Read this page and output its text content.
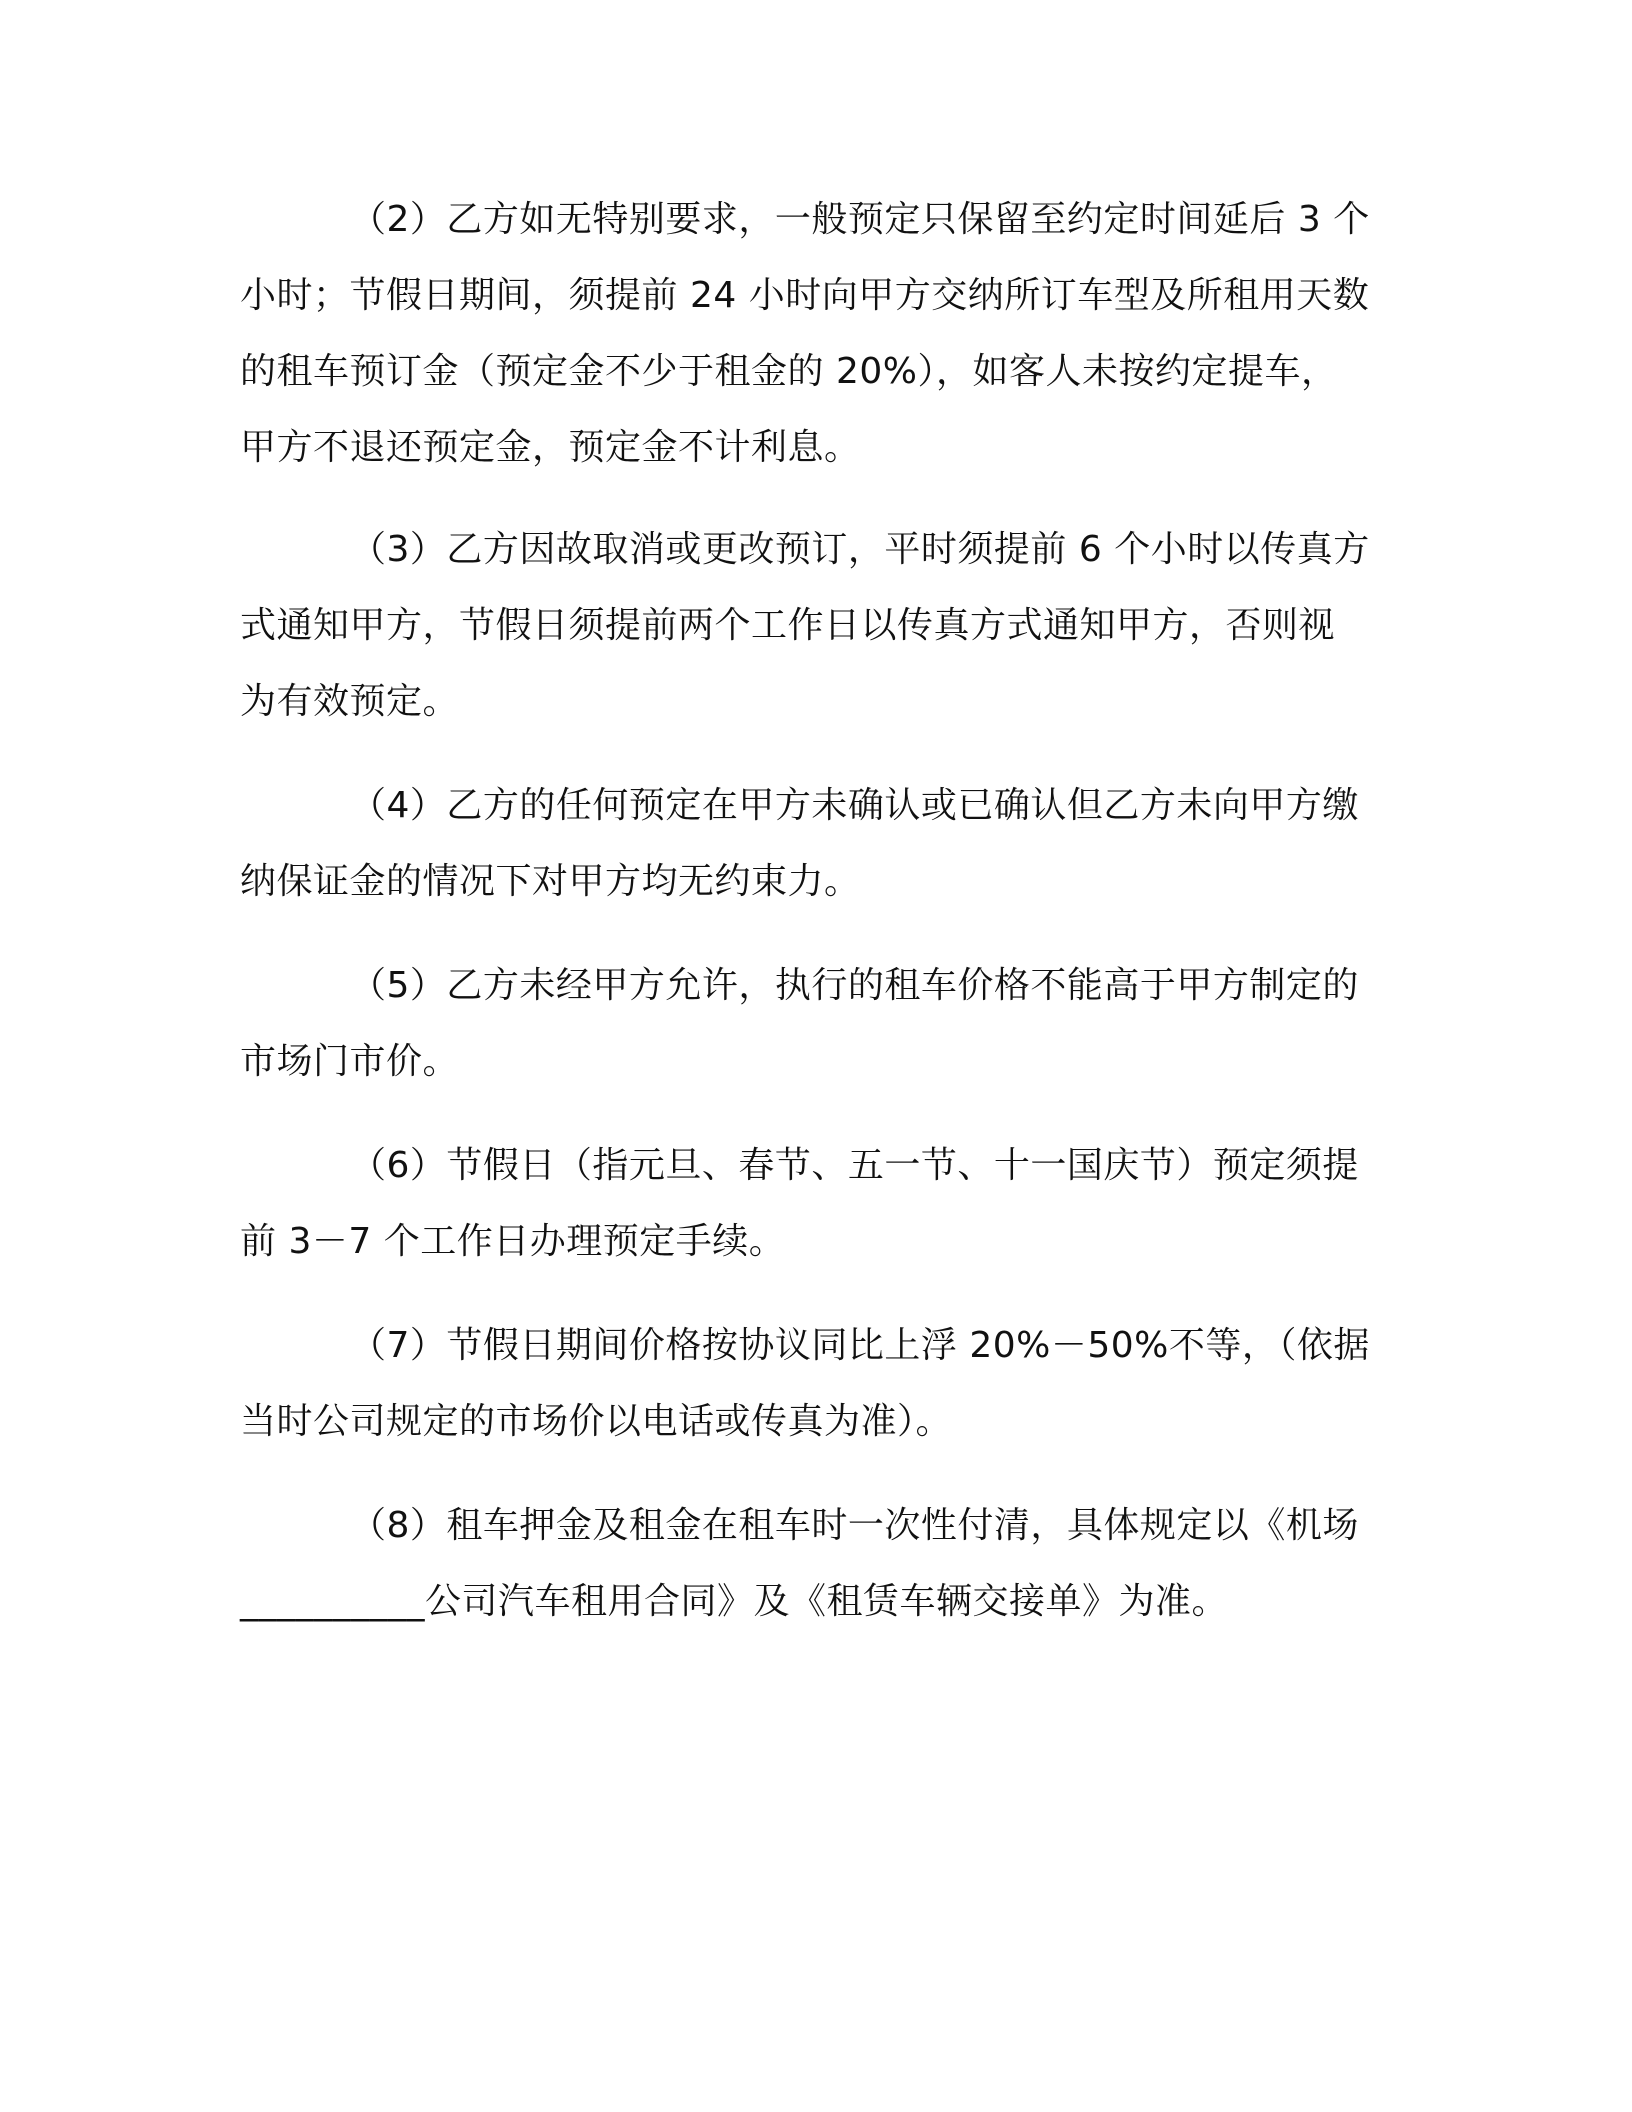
（2）乙方如无特别要求，一般预定只保留至约定时间延后 3 个
小时；节假日期间，须提前 24 小时向甲方交纳所订车型及所租用天数
的租车预订金（预定金不少于租金的 20%），如客人未按约定提车，
甲方不退还预定金，预定金不计利息。
（3）乙方因故取消或更改预订，平时须提前 6 个小时以传真方
式通知甲方，节假日须提前两个工作日以传真方式通知甲方，否则视
为有效预定。
（4）乙方的任何预定在甲方未确认或已确认但乙方未向甲方缴
纳保证金的情况下对甲方均无约束力。
（5）乙方未经甲方允许，执行的租车价格不能高于甲方制定的
市场门市价。
（6）节假日（指元旦、春节、五一节、十一国庆节）预定须提
前 3－7 个工作日办理预定手续。
（7）节假日期间价格按协议同比上浮 20%－50%不等，（依据
当时公司规定的市场价以电话或传真为准）。
（8）租车押金及租金在租车时一次性付清，具体规定以《机场
__________公司汽车租用合同》及《租赁车辆交接单》为准。
